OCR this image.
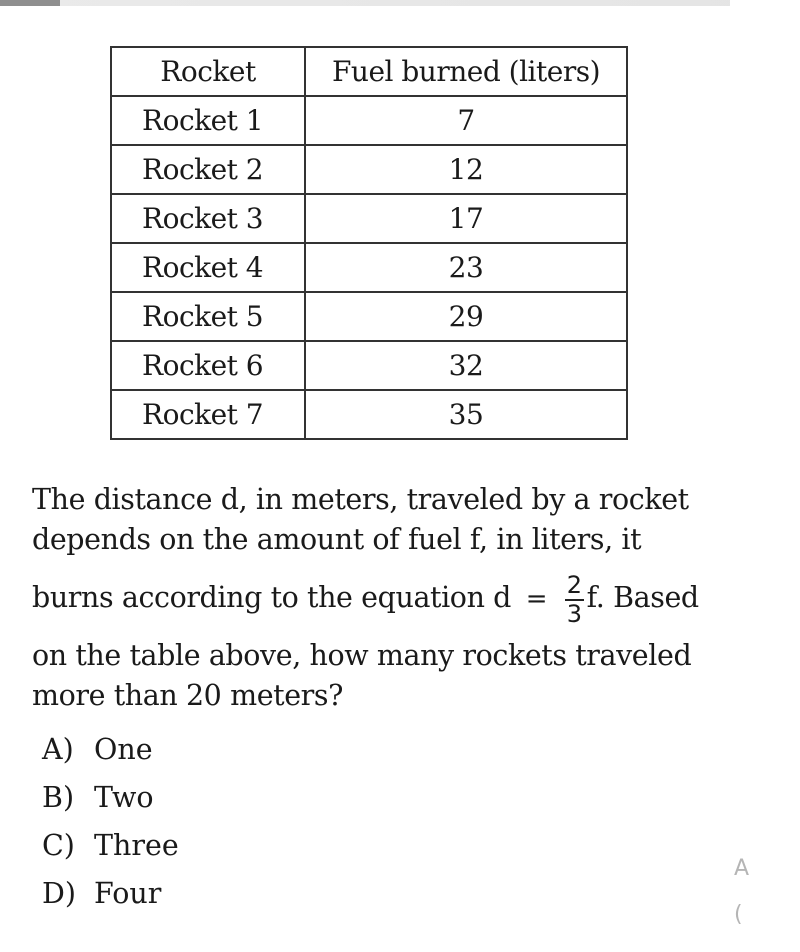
Rocket	Fuel burned (liters)
Rocket 1	7
Rocket 2	12
Rocket 3	17
Rocket 4	23
Rocket 5	29
Rocket 6	32
Rocket 7	35
The distance d, in meters, traveled by a rocket
depends on the amount of fuel f, in liters, it
burns according to the equation $d = \frac{2}{3} f$. Based
on the table above, how many rockets traveled
more than 20 meters?
A) One
B) Two
C) Three
D) Four
A
(
